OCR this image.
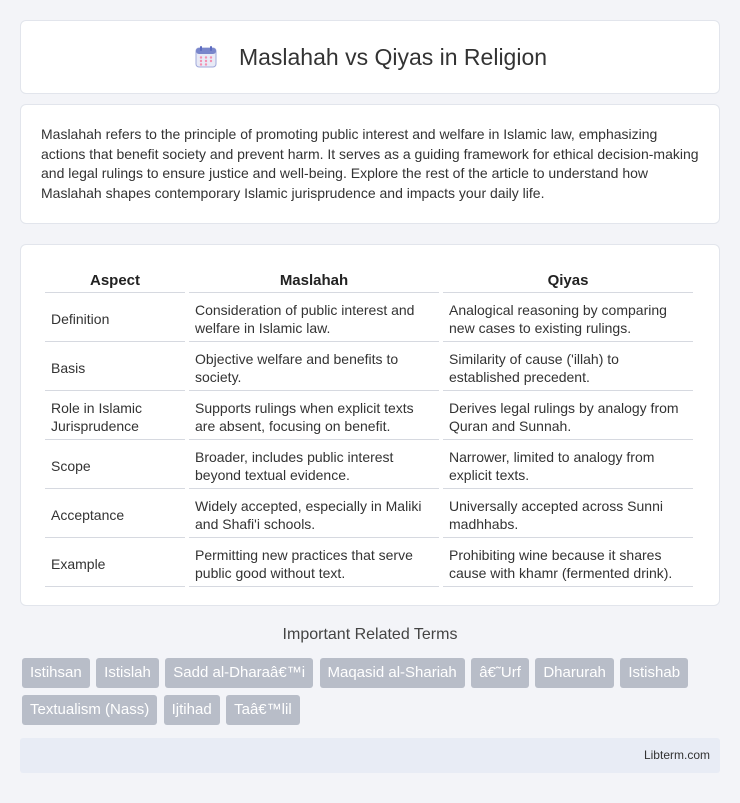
Maslahah vs Qiyas in Religion

Maslahah refers to the principle of promoting public interest and welfare in Islamic law, emphasizing actions that benefit society and prevent harm. It serves as a guiding framework for ethical decision-making and legal rulings to ensure justice and well-being. Explore the rest of the article to understand how Maslahah shapes contemporary Islamic jurisprudence and impacts your daily life.

Aspect	Maslahah	Qiyas
Definition	Consideration of public interest and welfare in Islamic law.	Analogical reasoning by comparing new cases to existing rulings.
Basis	Objective welfare and benefits to society.	Similarity of cause ('illah) to established precedent.
Role in Islamic Jurisprudence	Supports rulings when explicit texts are absent, focusing on benefit.	Derives legal rulings by analogy from Quran and Sunnah.
Scope	Broader, includes public interest beyond textual evidence.	Narrower, limited to analogy from explicit texts.
Acceptance	Widely accepted, especially in Maliki and Shafi'i schools.	Universally accepted across Sunni madhhabs.
Example	Permitting new practices that serve public good without text.	Prohibiting wine because it shares cause with khamr (fermented drink).
Important Related Terms
Istihsan Istislah Sadd al-Dharaâ€™i Maqasid al-Shariah â€˜Urf Dharurah Istishab Textualism (Nass) Ijtihad Taâ€™lil
Libterm.com
